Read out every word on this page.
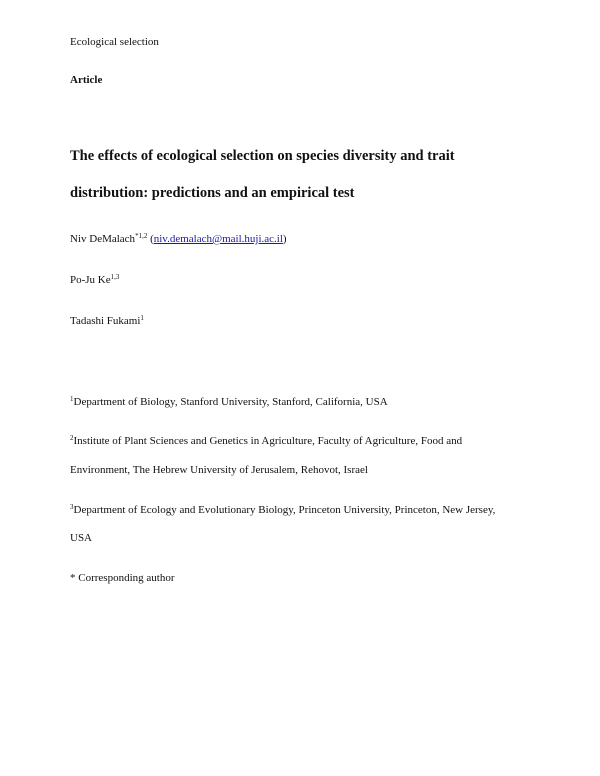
Ecological selection
Article
The effects of ecological selection on species diversity and trait
distribution: predictions and an empirical test
Niv DeMalach$^{*1,2}$ (niv.demalach@mail.huji.ac.il)
Po-Ju Ke$^{1,3}$
Tadashi Fukami$^1$
$^1$Department of Biology, Stanford University, Stanford, California, USA
$^2$Institute of Plant Sciences and Genetics in Agriculture, Faculty of Agriculture, Food and
Environment, The Hebrew University of Jerusalem, Rehovot, Israel
$^3$Department of Ecology and Evolutionary Biology, Princeton University, Princeton, New Jersey,
USA
* Corresponding author
